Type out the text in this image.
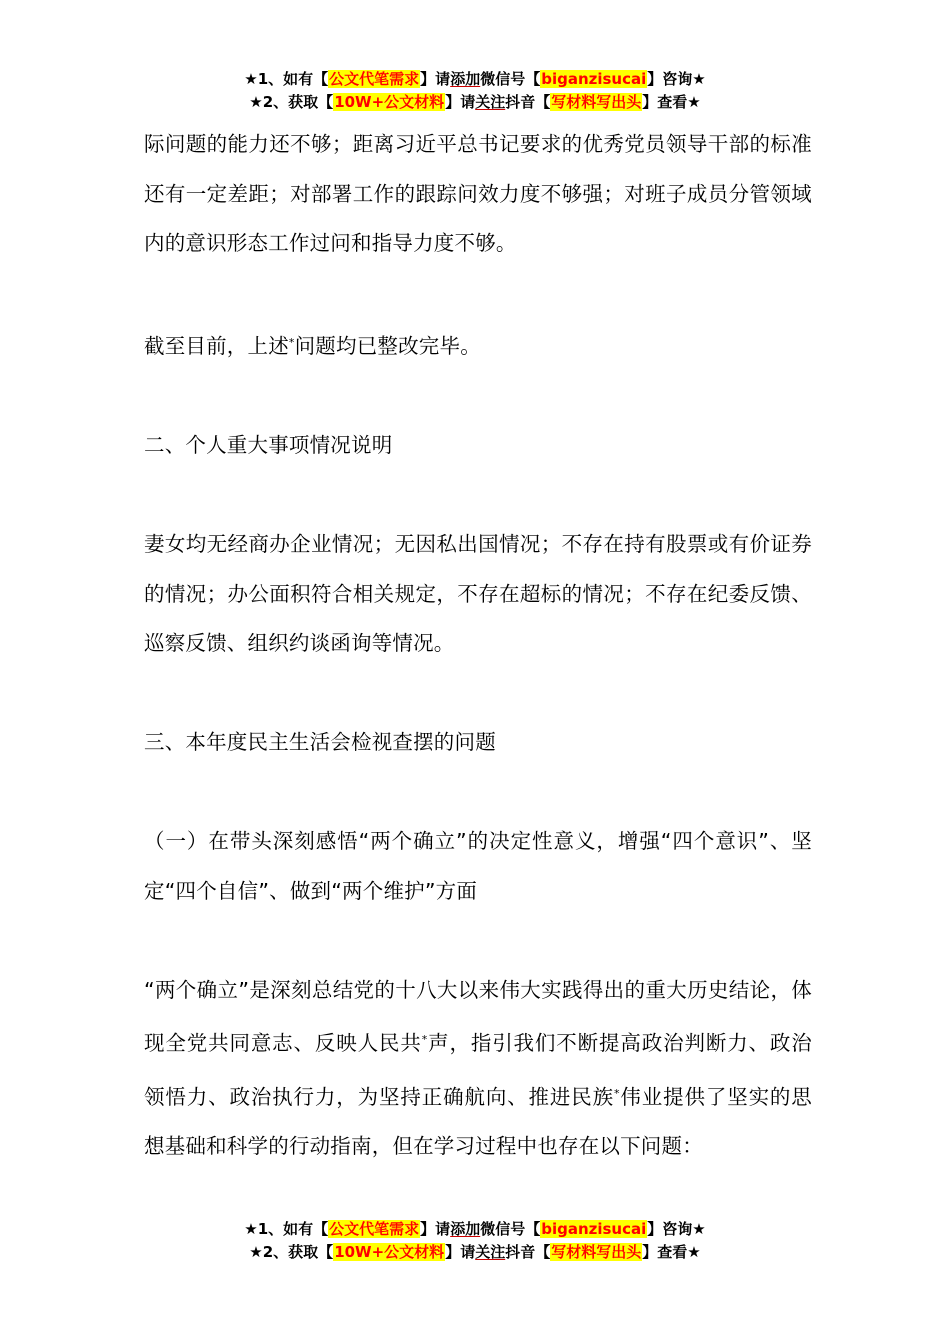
★1、如有【公文代笔需求】请添加微信号【biganzisucai】咨询★
★2、获取【10W+公文材料】请关注抖音【写材料写出头】查看★

际问题的能力还不够；距离习近平总书记要求的优秀党员领导干部的标准还有一定差距；对部署工作的跟踪问效力度不够强；对班子成员分管领域内的意识形态工作过问和指导力度不够。

截至目前，上述*问题均已整改完毕。

二、个人重大事项情况说明

妻女均无经商办企业情况；无因私出国情况；不存在持有股票或有价证券的情况；办公面积符合相关规定，不存在超标的情况；不存在纪委反馈、巡察反馈、组织约谈函询等情况。

三、本年度民主生活会检视查摆的问题

（一）在带头深刻感悟“两个确立”的决定性意义，增强“四个意识”、坚定“四个自信”、做到“两个维护”方面

“两个确立”是深刻总结党的十八大以来伟大实践得出的重大历史结论，体现全党共同意志、反映人民共*声，指引我们不断提高政治判断力、政治领悟力、政治执行力，为坚持正确航向、推进民族*伟业提供了坚实的思想基础和科学的行动指南，但在学习过程中也存在以下问题：

★1、如有【公文代笔需求】请添加微信号【biganzisucai】咨询★
★2、获取【10W+公文材料】请关注抖音【写材料写出头】查看★
